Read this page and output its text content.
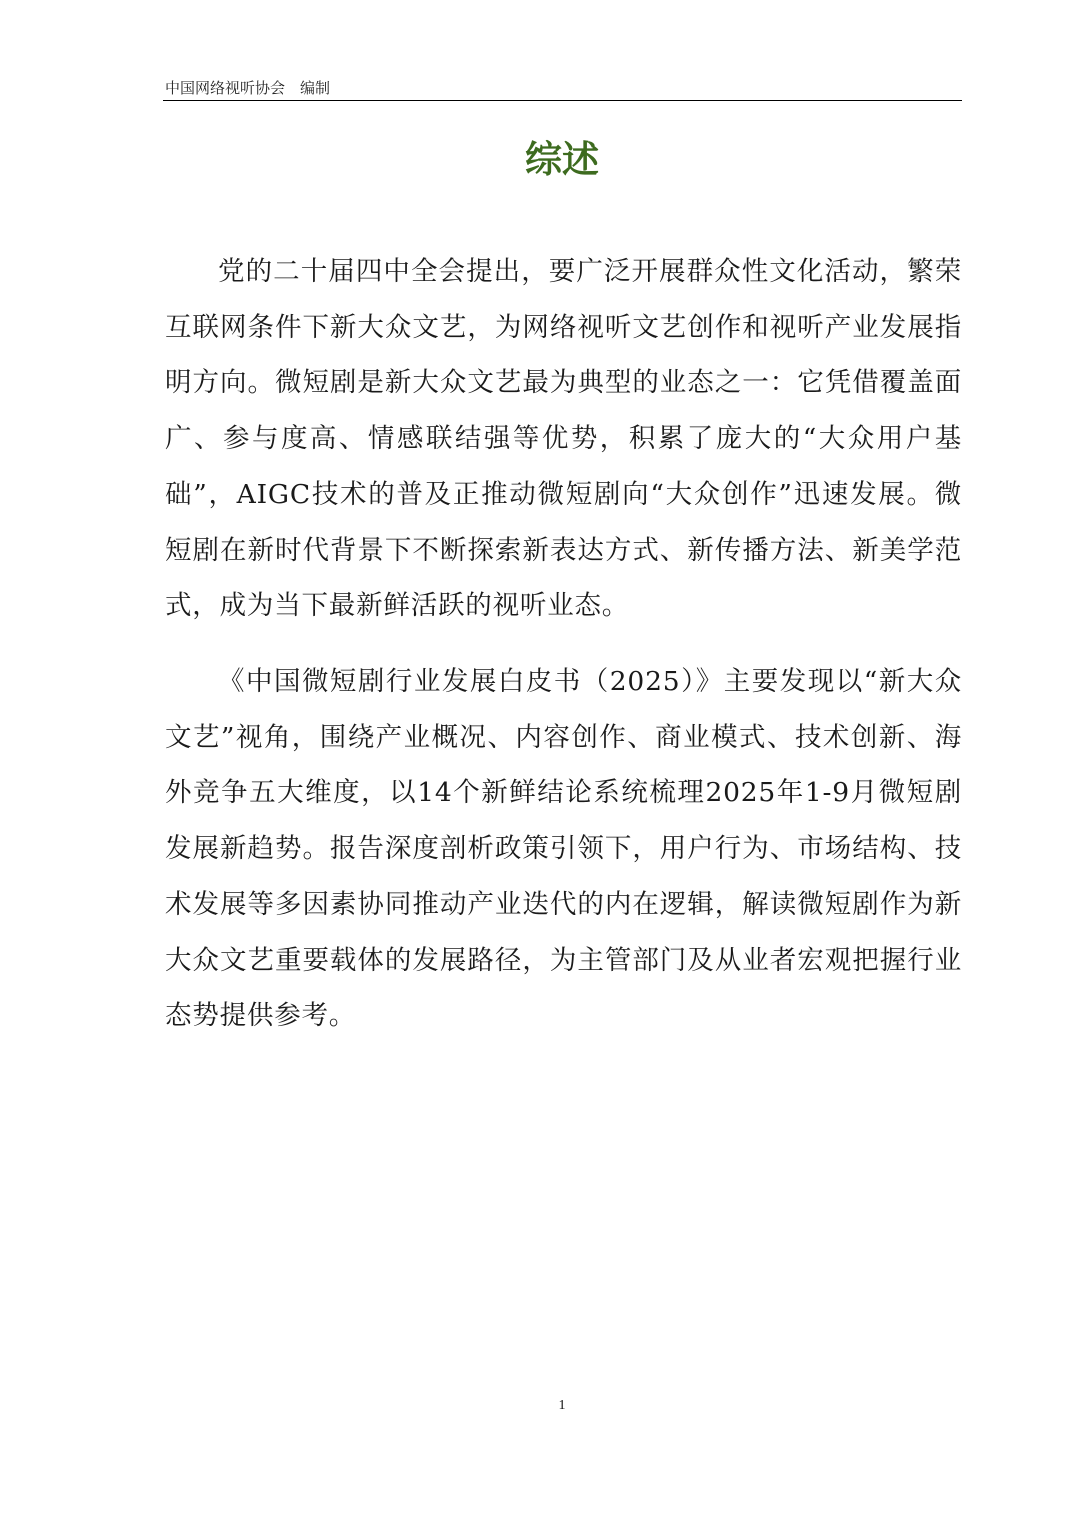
中国网络视听协会　编制
综述

党的二十届四中全会提出，要广泛开展群众性文化活动，繁荣互联网条件下新大众文艺，为网络视听文艺创作和视听产业发展指明方向。微短剧是新大众文艺最为典型的业态之一：它凭借覆盖面广、参与度高、情感联结强等优势，积累了庞大的“大众用户基础”，AIGC技术的普及正推动微短剧向“大众创作”迅速发展。微短剧在新时代背景下不断探索新表达方式、新传播方法、新美学范式，成为当下最新鲜活跃的视听业态。

《中国微短剧行业发展白皮书（2025）》主要发现以“新大众文艺”视角，围绕产业概况、内容创作、商业模式、技术创新、海外竞争五大维度，以14个新鲜结论系统梳理2025年1-9月微短剧发展新趋势。报告深度剖析政策引领下，用户行为、市场结构、技术发展等多因素协同推动产业迭代的内在逻辑，解读微短剧作为新大众文艺重要载体的发展路径，为主管部门及从业者宏观把握行业态势提供参考。

1
